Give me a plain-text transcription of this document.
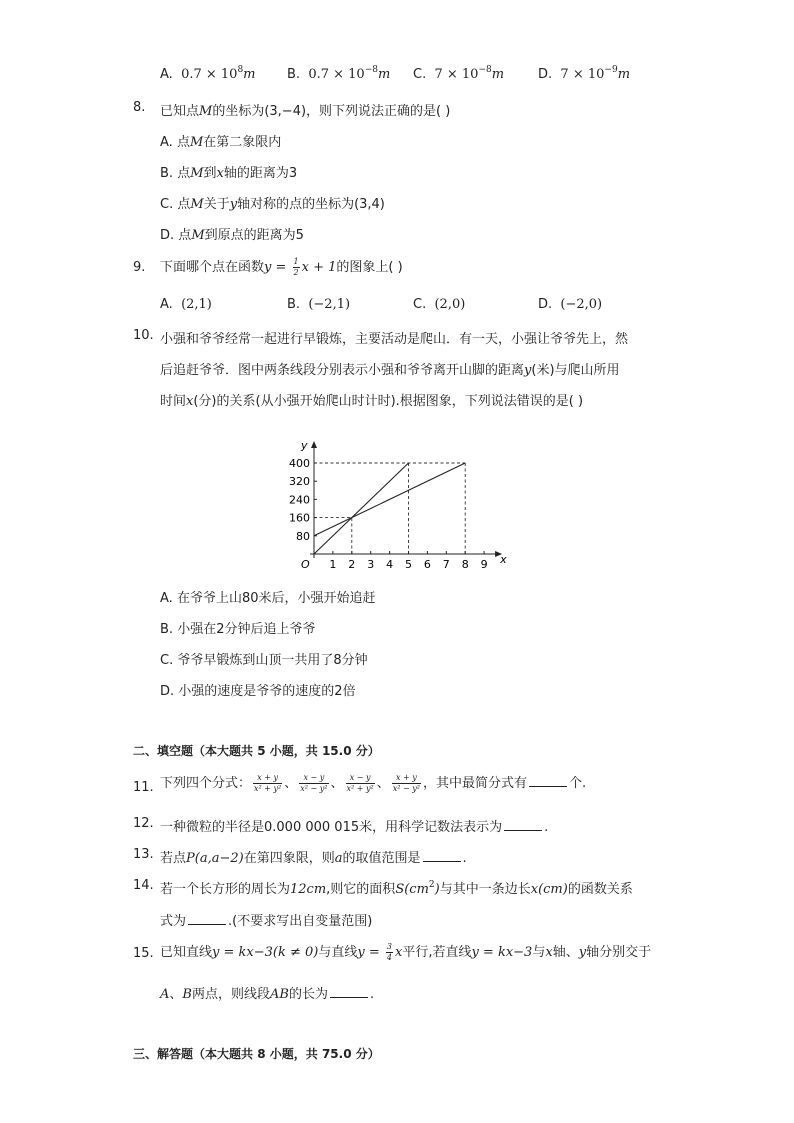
A. $0.7 \times 10^8m$ B. $0.7 \times 10^{-8}m$ C. $7 \times 10^{-8}m$	D. $7 \times 10^{-9}m$
8. 已知点M的坐标为(3,−4)，则下列说法正确的是( )
A. 点M在第二象限内
B. 点M到x轴的距离为3
C. 点M关于y轴对称的点的坐标为(3,4)
D. 点M到原点的距离为5
9. 下面哪个点在函数$y = \frac{1}{2}$ x + 1的图象上( )
A. (2,1)	B. (−2,1)	C. (2,0)	D. (−2,0)
10. 小强和爷爷经常一起进行早锻炼，主要活动是爬山．有一天，小强让爷爷先上，然
后追赶爷爷．图中两条线段分别表示小强和爷爷离开山脚的距离y(米)与爬山所用
时间x(分)的关系(从小强开始爬山时计时).根据图象，下列说法错误的是( )
x
y
O 1 2 3 4 5 6 7 8 9
80
160
240
320
400
A. 在爷爷上山80米后，小强开始追赶
B. 小强在2分钟后追上爷爷
C. 爷爷早锻炼到山顶一共用了8分钟
D. 小强的速度是爷爷的速度的2倍
二、填空题（本大题共 5 小题，共 15.0 分）
11. 下列四个分式： $\frac{x + y}{\text{x² + y²}}$ 、 $\frac{x - y}{\text{x² − y²}}$ 、 $\frac{x - y}{\text{x² + y²}}$ 、 $\frac{x + y}{\text{x² − y²}}$ ，其中最简分式有	个.
12. 一种微粒的半径是0.000 000 015米，用科学记数法表示为	.
13. 若点P(a,a−2)在第四象限，则a的取值范围是	.
14. 若一个长方形的周长为12cm,则它的面积$S(cm^2)$与其中一条边长x(cm)的函数关系
式为	.(不要求写出自变量范围)
15. 已知直线y = kx−3(k ≠ 0)与直线$y = \frac{3}{4}$ x平行,若直线y = kx−3与x轴、y轴分别交于
A、B两点，则线段AB的长为	.
三、解答题（本大题共 8 小题，共 75.0 分）
